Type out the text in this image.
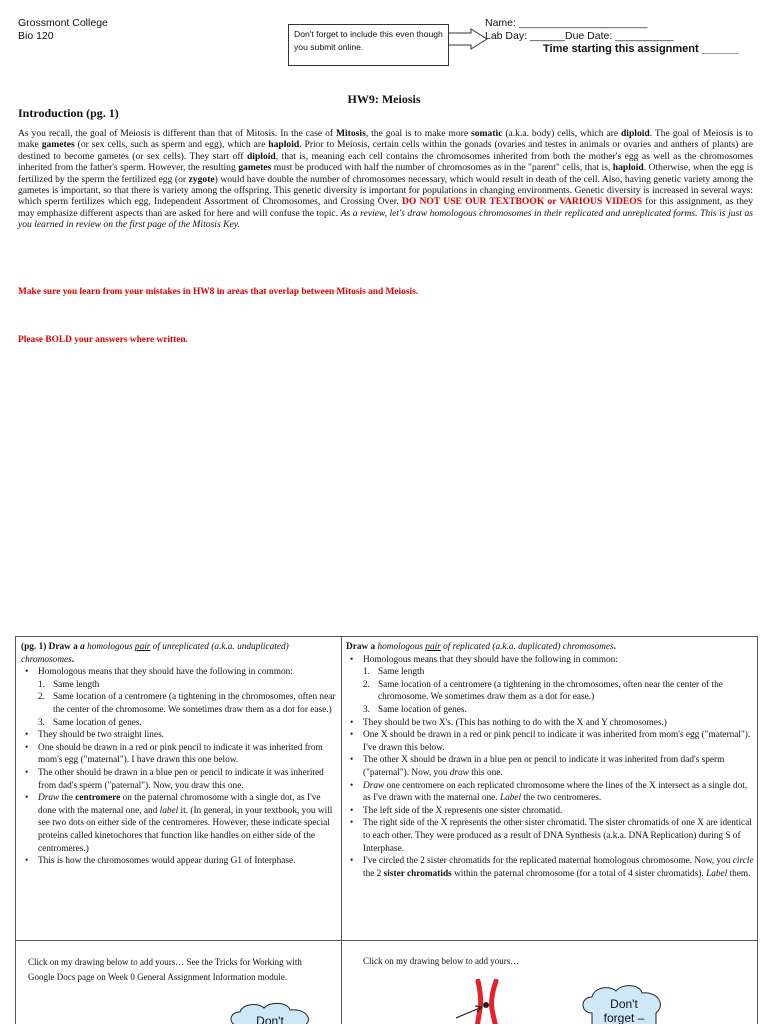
Grossmont College
Bio 120	Don't forget to include this even though you submit online.
Name: ______________________
Lab Day: ______Due Date: __________
Time starting this assignment ______
HW9: Meiosis
Introduction (pg. 1)
As you recall, the goal of Meiosis is different than that of Mitosis. In the case of Mitosis, the goal is to make more somatic (a.k.a. body) cells, which are diploid. The goal of Meiosis is to make gametes (or sex cells, such as sperm and egg), which are haploid. Prior to Meiosis, certain cells within the gonads (ovaries and testes in animals or ovaries and anthers of plants) are destined to become gametes (or sex cells). They start off diploid, that is, meaning each cell contains the chromosomes inherited from both the mother's egg as well as the chromosomes inherited from the father's sperm. However, the resulting gametes must be produced with half the number of chromosomes as in the "parent" cells, that is, haploid. Otherwise, when the egg is fertilized by the sperm the fertilized egg (or zygote) would have double the number of chromosomes necessary, which would result in death of the cell. Also, having genetic variety among the gametes is important, so that there is variety among the offspring. This genetic diversity is important for populations in changing environments. Genetic diversity is increased in several ways: which sperm fertilizes which egg, Independent Assortment of Chromosomes, and Crossing Over. DO NOT USE OUR TEXTBOOK or VARIOUS VIDEOS for this assignment, as they may emphasize different aspects than are asked for here and will confuse the topic. As a review, let's draw homologous chromosomes in their replicated and unreplicated forms. This is just as you learned in review on the first page of the Mitosis Key.
Make sure you learn from your mistakes in HW8 in areas that overlap between Mitosis and Meiosis.
Please BOLD your answers where written.
(pg. 1) Draw a a homologous pair of unreplicated (a.k.a. unduplicated) chromosomes.
• Homologous means that they should have the following in common:
1. Same length
2. Same location of a centromere (a tightening in the chromosomes, often near the center of the chromosome. We sometimes draw them as a dot for ease.)
3. Same location of genes.
• They should be two straight lines.
• One should be drawn in a red or pink pencil to indicate it was inherited from mom's egg ("maternal"). I have drawn this one below.
• The other should be drawn in a blue pen or pencil to indicate it was inherited from dad's sperm ("paternal"). Now, you draw this one.
• Draw the centromere on the paternal chromosome with a single dot, as I've done with the maternal one, and label it. (In general, in your textbook, you will see two dots on either side of the centromeres. However, these indicate special proteins called kinetochores that function like handles on either side of the centromeres.)
• This is how the chromosomes would appear during G1 of Interphase.
Draw a homologous pair of replicated (a.k.a. duplicated) chromosomes.
• Homologous means that they should have the following in common:
1. Same length
2. Same location of a centromere (a tightening in the chromosomes, often near the center of the chromosome. We sometimes draw them as a dot for ease.)
3. Same location of genes.
• They should be two X's. (This has nothing to do with the X and Y chromosomes.)
• One X should be drawn in a red or pink pencil to indicate it was inherited from mom's egg ("maternal"). I've drawn this below.
• The other X should be drawn in a blue pen or pencil to indicate it was inherited from dad's sperm ("paternal"). Now, you draw this one.
• Draw one centromere on each replicated chromosome where the lines of the X intersect as a single dot, as I've drawn with the maternal one. Label the two centromeres.
• The left side of the X represents one sister chromatid.
• The right side of the X represents the other sister chromatid. The sister chromatids of one X are identical to each other. They were produced as a result of DNA Synthesis (a.k.a. DNA Replication) during S of Interphase.
• I've circled the 2 sister chromatids for the replicated maternal homologous chromosome. Now, you circle the 2 sister chromatids within the paternal chromosome (for a total of 4 sister chromatids). Label them.
Click on my drawing below to add yours… See the Tricks for Working with Google Docs page on Week 0 General Assignment Information module.
Click on my drawing below to add yours…
Don't
Don't
forget –
